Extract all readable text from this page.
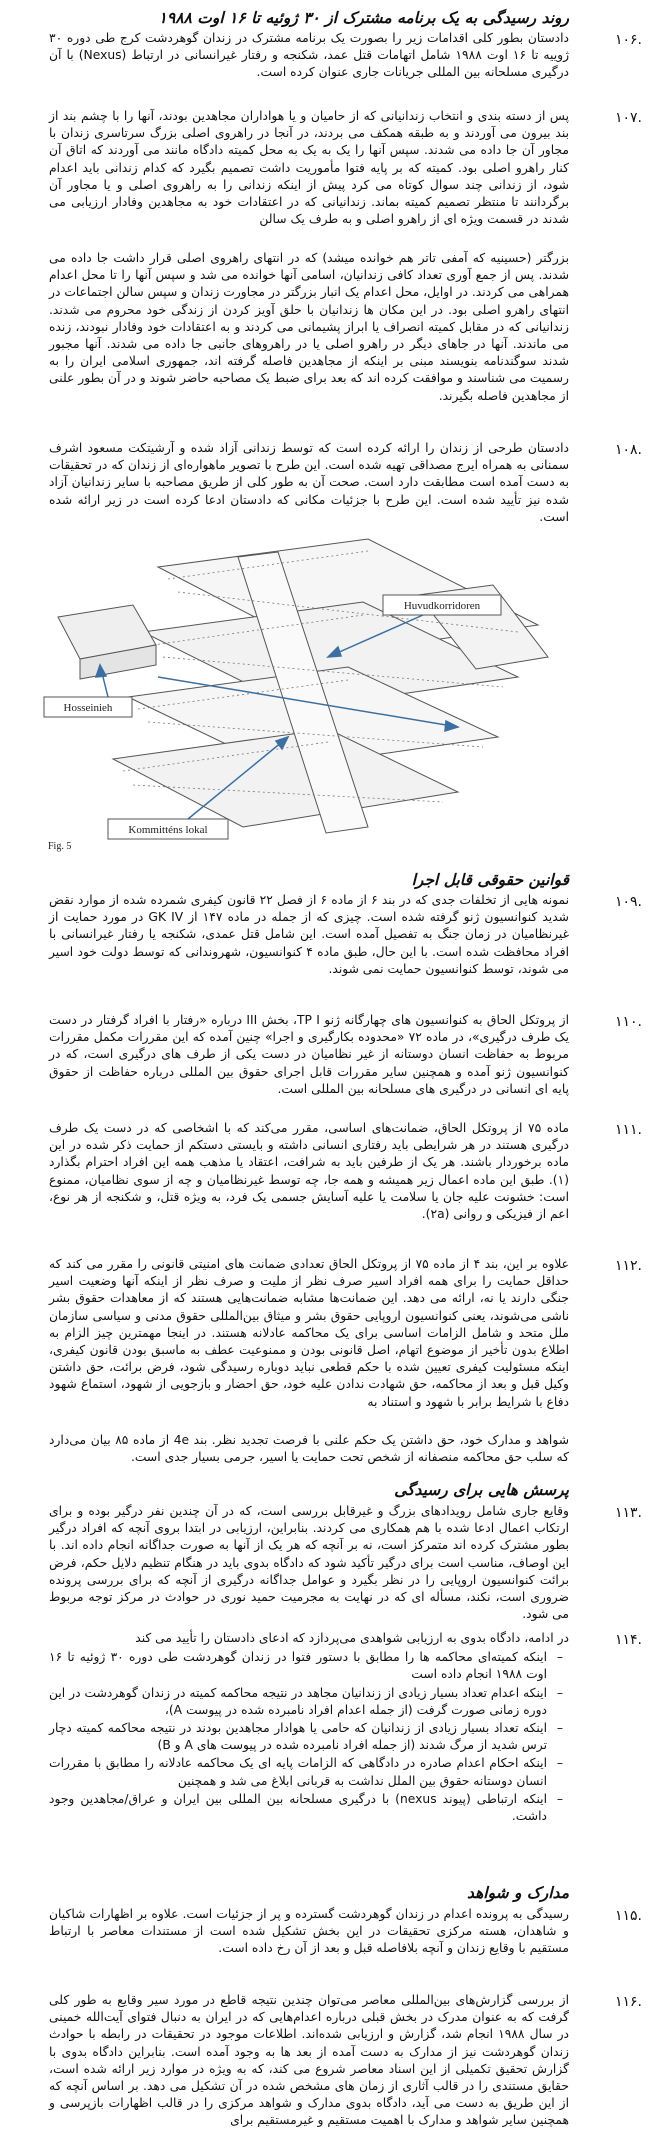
روند رسیدگی به یک برنامه مشترک از ۳۰ ژوئیه تا ۱۶ اوت ۱۹۸۸
۱۰۶.

دادستان بطور کلی اقدامات زیر را بصورت یک برنامه مشترک در زندان گوهردشت کرج طی دوره ۳۰ ژوییه تا ۱۶ اوت ۱۹۸۸ شامل اتهامات قتل عمد، شکنجه و رفتار غیرانسانی در ارتباط (Nexus) با آن درگیری مسلحانه بین المللی جریانات جاری عنوان کرده است.

۱۰۷.

پس از دسته بندی و انتخاب زندانیانی که از حامیان و یا هواداران مجاهدین بودند، آنها را با چشم بند از بند بیرون می آوردند و به طبقه همکف می بردند، در آنجا در راهروی اصلی بزرگ سرتاسری زندان با مجاور آن جا داده می شدند. سپس آنها را یک به یک به محل کمیته دادگاه مانند می آوردند که اتاق آن کنار راهرو اصلی بود. کمیته که بر پایه فتوا مأموریت داشت تصمیم بگیرد که کدام زندانی باید اعدام شود، از زندانی چند سوال کوتاه می کرد پیش از اینکه زندانی را به راهروی اصلی و یا مجاور آن برگردانند تا منتظر تصمیم کمیته بماند. زندانیانی که در اعتقادات خود به مجاهدین وفادار ارزیابی می شدند در قسمت ویژه ای از راهرو اصلی و به طرف یک سالن

بزرگتر (حسینیه که آمفی تاتر هم خوانده میشد) که در انتهای راهروی اصلی قرار داشت جا داده می شدند. پس از جمع آوری تعداد کافی زندانیان، اسامی آنها خوانده می شد و سپس آنها را تا محل اعدام همراهی می کردند. در اوایل، محل اعدام یک انبار بزرگتر در مجاورت زندان و سپس سالن اجتماعات در انتهای راهرو اصلی بود. در این مکان ها زندانیان با حلق آویز کردن از زندگی خود محروم می شدند. زندانیانی که در مقابل کمیته انصراف یا ابراز پشیمانی می کردند و به اعتقادات خود وفادار نبودند، زنده می ماندند. آنها در جاهای دیگر در راهرو اصلی یا در راهروهای جانبی جا داده می شدند. آنها مجبور شدند سوگندنامه بنویسند مبنی بر اینکه از مجاهدین فاصله گرفته اند، جمهوری اسلامی ایران را به رسمیت می شناسند و موافقت کرده اند که بعد برای ضبط یک مصاحبه حاضر شوند و در آن بطور علنی از مجاهدین فاصله بگیرند.

۱۰۸.

دادستان طرحی از زندان را ارائه کرده است که توسط زندانی آزاد شده و آرشیتکت مسعود اشرف سمنانی به همراه ایرج مصداقی تهیه شده است. این طرح با تصویر ماهواره‌ای از زندان که در تحقیقات به دست آمده است مطابقت دارد است. صحت آن به طور کلی از طریق مصاحبه با سایر زندانیان آزاد شده نیز تأیید شده است. این طرح با جزئیات مکانی که دادستان ادعا کرده است در زیر ارائه شده است.

Huvudkorridoren
Hosseinieh
Kommitténs lokal
Fig. 5
قوانین حقوقی قابل اجرا
۱۰۹.

نمونه هایی از تخلفات جدی که در بند ۶ از ماده ۶ از فصل ۲۲ قانون کیفری شمرده شده از موارد نقض شدید کنوانسیون ژنو گرفته شده است. چیزی که از جمله در ماده ۱۴۷ از GK IV در مورد حمایت از غیرنظامیان در زمان جنگ به تفصیل آمده است. این شامل قتل عمدی، شکنجه یا رفتار غیرانسانی با افراد محافظت شده است. با این حال، طبق ماده ۴ کنوانسیون، شهروندانی که توسط دولت خود اسیر می شوند، توسط کنوانسیون حمایت نمی شوند.

۱۱۰.

از پروتکل الحاق به کنوانسیون های چهارگانه ژنو TP I، بخش III درباره «رفتار با افراد گرفتار در دست یک طرف درگیری»، در ماده ۷۲ «محدوده بکارگیری و اجرا» چنین آمده که این مقررات مکمل مقررات مربوط به حفاظت انسان دوستانه از غیر نظامیان در دست یکی از طرف های درگیری است، که در کنوانسیون ژنو آمده و همچنین سایر مقررات قابل اجرای حقوق بین المللی درباره حفاظت از حقوق پایه ای انسانی در درگیری های مسلحانه بین المللی است.

۱۱۱.

ماده ۷۵ از پروتکل الحاق، ضمانت‌های اساسی، مقرر می‌کند که با اشخاصی که در دست یک طرف درگیری هستند در هر شرایطی باید رفتاری انسانی داشته و بایستی دستکم از حمایت ذکر شده در این ماده برخوردار باشند. هر یک از طرفین باید به شرافت، اعتقاد یا مذهب همه این افراد احترام بگذارد (۱). طبق این ماده اعمال زیر همیشه و همه جا، چه توسط غیرنظامیان و چه از سوی نظامیان، ممنوع است: خشونت علیه جان یا سلامت یا علیه آسایش جسمی یک فرد، به ویژه قتل، و شکنجه از هر نوع، اعم از فیزیکی و روانی (۲a).

۱۱۲.

علاوه بر این، بند ۴ از ماده ۷۵ از پروتکل الحاق تعدادی ضمانت های امنیتی قانونی را مقرر می کند که حداقل حمایت را برای همه افراد اسیر صرف نظر از ملیت و صرف نظر از اینکه آنها وضعیت اسیر جنگی دارند یا نه، ارائه می دهد. این ضمانت‌ها مشابه ضمانت‌هایی هستند که از معاهدات حقوق بشر ناشی می‌شوند، یعنی کنوانسیون اروپایی حقوق بشر و میثاق بین‌المللی حقوق مدنی و سیاسی سازمان ملل متحد و شامل الزامات اساسی برای یک محاکمه عادلانه هستند. در اینجا مهمترین چیز الزام به اطلاع بدون تأخیر از موضوع اتهام، اصل قانونی بودن و ممنوعیت عطف به ماسبق بودن قانون کیفری، اینکه مسئولیت کیفری تعیین شده با حکم قطعی نباید دوباره رسیدگی شود، فرض برائت، حق داشتن وکیل قبل و بعد از محاکمه، حق شهادت ندادن علیه خود، حق احضار و بازجویی از شهود، استماع شهود دفاع با شرایط برابر با شهود و استناد به

شواهد و مدارک خود، حق داشتن یک حکم علنی با فرصت تجدید نظر. بند 4e از ماده ۸۵ بیان می‌دارد که سلب حق محاکمه منصفانه از شخص تحت حمایت یا اسیر، جرمی بسیار جدی است.

پرسش هایی برای رسیدگی
۱۱۳.

وقایع جاری شامل رویدادهای بزرگ و غیرقابل بررسی است، که در آن چندین نفر درگیر بوده و برای ارتکاب اعمال ادعا شده با هم همکاری می کردند. بنابراین، ارزیابی در ابتدا بروی آنچه که افراد درگیر بطور مشترک کرده اند متمرکز است، نه بر آنچه که هر یک از آنها به صورت جداگانه انجام داده اند. با این اوصاف، مناسب است برای درگیر تأکید شود که دادگاه بدوی باید در هنگام تنظیم دلایل حکم، فرض برائت کنوانسیون اروپایی را در نظر بگیرد و عوامل جداگانه درگیری از آنچه که برای بررسی پرونده ضروری است، نکند، مسأله ای که در نهایت به مجرمیت حمید نوری در حوادث در مرکز توجه مربوط می شود.

۱۱۴.
در ادامه، دادگاه بدوی به ارزیابی شواهدی می‌پردازد که ادعای دادستان را تأیید می کند
– اینکه کمیته‌ای محاکمه ها را مطابق با دستور فتوا در زندان گوهردشت طی دوره ۳۰ ژوئیه تا ۱۶ اوت ۱۹۸۸ انجام داده است
– اینکه اعدام تعداد بسیار زیادی از زندانیان مجاهد در نتیجه محاکمه کمیته در زندان گوهردشت در این دوره زمانی صورت گرفت (از جمله اعدام افراد نامبرده شده در پیوست A)،
– اینکه تعداد بسیار زیادی از زندانیان که حامی یا هوادار مجاهدین بودند در نتیجه محاکمه کمیته دچار ترس شدید از مرگ شدند (از جمله افراد نامبرده شده در پیوست های A و B)
– اینکه احکام اعدام صادره در دادگاهی که الزامات پایه ای یک محاکمه عادلانه را مطابق با مقررات انسان دوستانه حقوق بین الملل نداشت به قربانی ابلاغ می شد و همچنین
– اینکه ارتباطی (پیوند nexus) با درگیری مسلحانه بین المللی بین ایران و عراق/مجاهدین وجود داشت.
مدارک و شواهد
۱۱۵.

رسیدگی به پرونده اعدام در زندان گوهردشت گسترده و پر از جزئیات است. علاوه بر اظهارات شاکیان و شاهدان، هسته مرکزی تحقیقات در این بخش تشکیل شده است از مستندات معاصر با ارتباط مستقیم با وقایع زندان و آنچه بلافاصله قبل و بعد از آن رخ داده است.

۱۱۶.

از بررسی گزارش‌های بین‌المللی معاصر می‌توان چندین نتیجه قاطع در مورد سیر وقایع به طور کلی گرفت که به عنوان مدرک در بخش قبلی درباره اعدام‌هایی که در ایران به دنبال فتوای آیت‌الله خمینی در سال ۱۹۸۸ انجام شد، گزارش و ارزیابی شده‌اند. اطلاعات موجود در تحقیقات در رابطه با حوادث زندان گوهردشت نیز از مدارک به دست آمده از بعد ها به وجود آمده است. بنابراین دادگاه بدوی با گزارش تحقیق تکمیلی از این اسناد معاصر شروع می کند، که به ویژه در موارد زیر ارائه شده است، حقایق مستندی را در قالب آثاری از زمان های مشخص شده در آن تشکیل می دهد. بر اساس آنچه که از این طریق به دست می آید، دادگاه بدوی مدارک و شواهد مرکزی را در قالب اظهارات بازپرسی و همچنین سایر شواهد و مدارک با اهمیت مستقیم و غیرمستقیم برای
